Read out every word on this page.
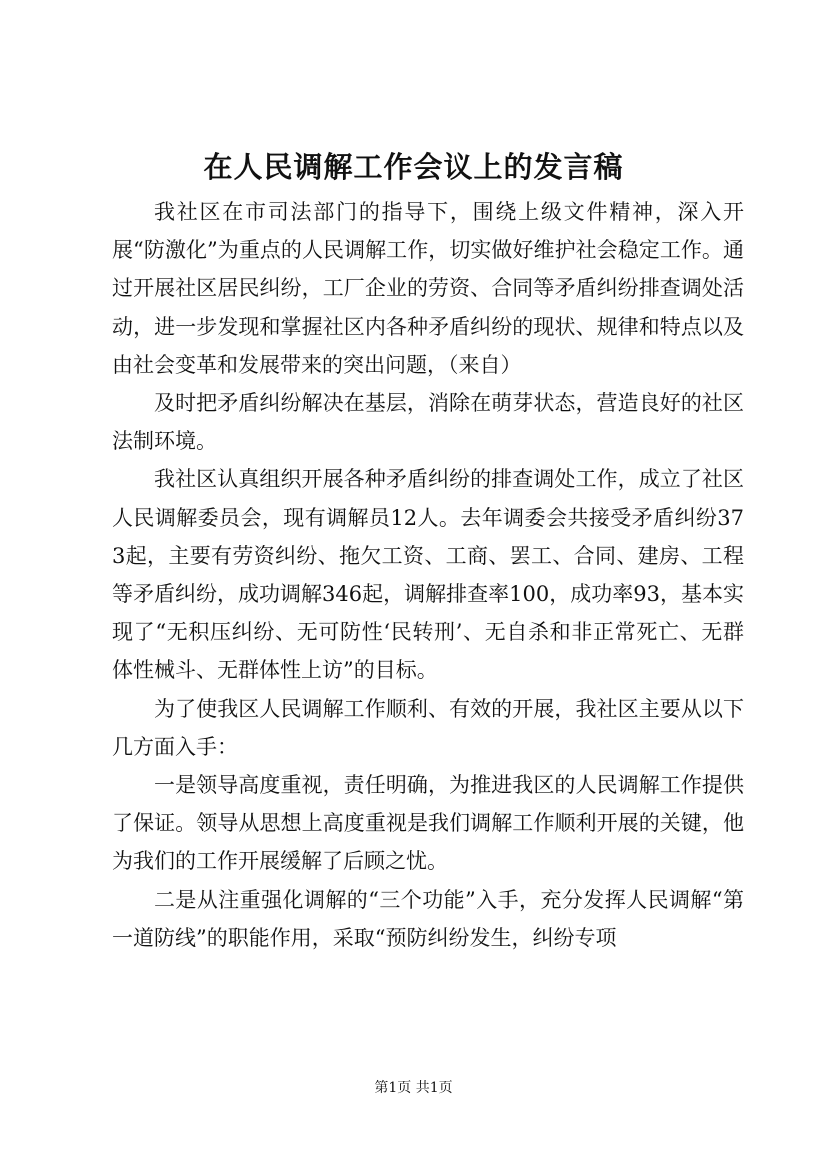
在人民调解工作会议上的发言稿

我社区在市司法部门的指导下，围绕上级文件精神，深入开展“防激化”为重点的人民调解工作，切实做好维护社会稳定工作。通过开展社区居民纠纷，工厂企业的劳资、合同等矛盾纠纷排查调处活动，进一步发现和掌握社区内各种矛盾纠纷的现状、规律和特点以及由社会变革和发展带来的突出问题，（来自）

及时把矛盾纠纷解决在基层，消除在萌芽状态，营造良好的社区法制环境。

我社区认真组织开展各种矛盾纠纷的排查调处工作，成立了社区人民调解委员会，现有调解员12人。去年调委会共接受矛盾纠纷373起，主要有劳资纠纷、拖欠工资、工商、罢工、合同、建房、工程等矛盾纠纷，成功调解346起，调解排查率100，成功率93，基本实现了“无积压纠纷、无可防性‘民转刑’、无自杀和非正常死亡、无群体性械斗、无群体性上访”的目标。

为了使我区人民调解工作顺利、有效的开展，我社区主要从以下几方面入手：

一是领导高度重视，责任明确，为推进我区的人民调解工作提供了保证。领导从思想上高度重视是我们调解工作顺利开展的关键，他为我们的工作开展缓解了后顾之忧。

二是从注重强化调解的“三个功能”入手，充分发挥人民调解“第一道防线”的职能作用，采取“预防纠纷发生，纠纷专项

第1页 共1页
